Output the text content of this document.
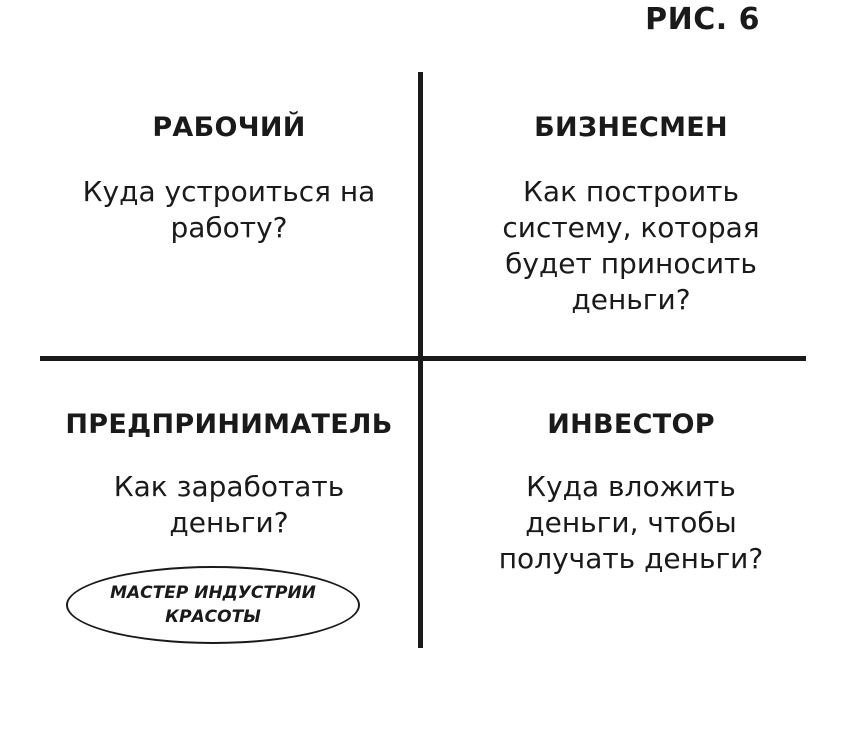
РИС. 6
РАБОЧИЙ
Куда устроиться на работу?
БИЗНЕСМЕН
Как построить систему, которая будет приносить деньги?
ПРЕДПРИНИМАТЕЛЬ
Как заработать деньги?
ИНВЕСТОР
Куда вложить деньги, чтобы получать деньги?
МАСТЕР ИНДУСТРИИ КРАСОТЫ
